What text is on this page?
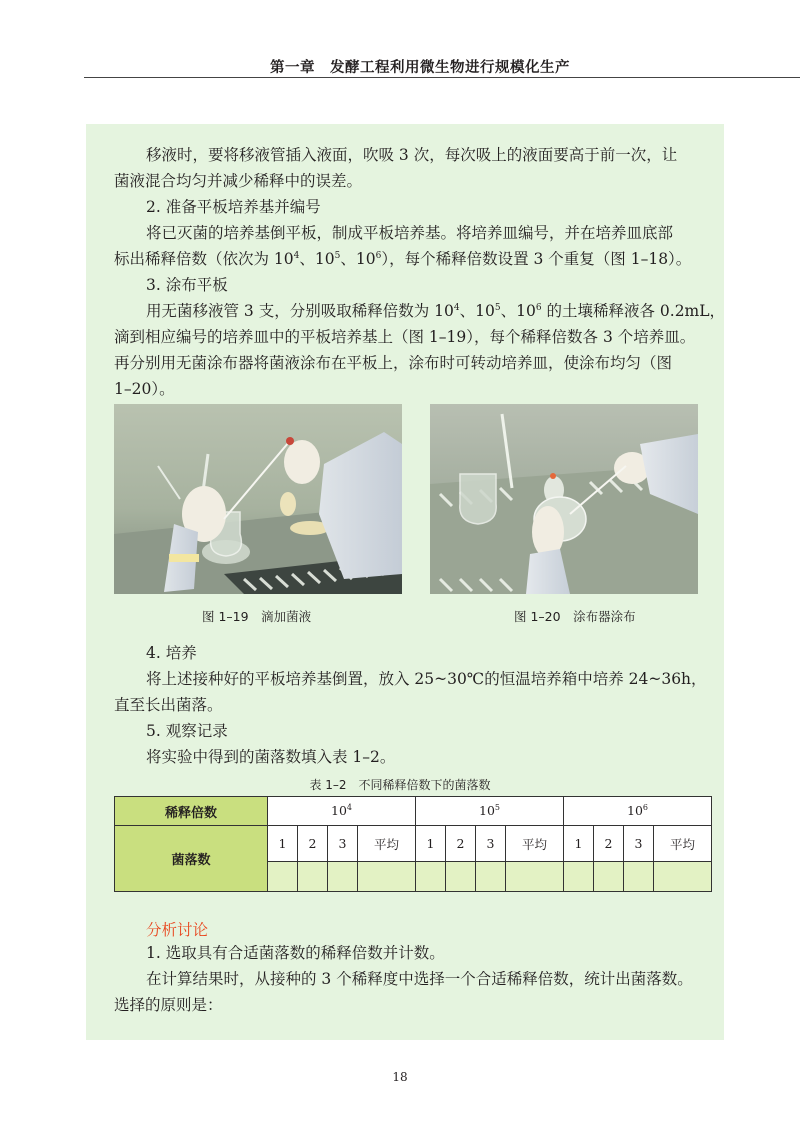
第一章　发酵工程利用微生物进行规模化生产
移液时，要将移液管插入液面，吹吸 3 次，每次吸上的液面要高于前一次，让
菌液混合均匀并减少稀释中的误差。
2. 准备平板培养基并编号
将已灭菌的培养基倒平板，制成平板培养基。将培养皿编号，并在培养皿底部
标出稀释倍数（依次为 $10^4$、$10^5$、$10^6$），每个稀释倍数设置 3 个重复（图 1–18）。
3. 涂布平板
用无菌移液管 3 支，分别吸取稀释倍数为 $10^4$、$10^5$、$10^6$ 的土壤稀释液各 0.2mL，
滴到相应编号的培养皿中的平板培养基上（图 1–19），每个稀释倍数各 3 个培养皿。
再分别用无菌涂布器将菌液涂布在平板上，涂布时可转动培养皿，使涂布均匀（图
1–20）。
图 1–19　滴加菌液	图 1–20　涂布器涂布
4. 培养
将上述接种好的平板培养基倒置，放入 25~30℃的恒温培养箱中培养 24~36h，
直至长出菌落。
5. 观察记录
将实验中得到的菌落数填入表 1–2。
表 1–2　不同稀释倍数下的菌落数
稀释倍数	$10^4$				$10^5$				$10^6$
菌落数	1	2	3	平均	1	2	3	平均	1	2	3	平均

分析讨论
1. 选取具有合适菌落数的稀释倍数并计数。
在计算结果时，从接种的 3 个稀释度中选择一个合适稀释倍数，统计出菌落数。
选择的原则是：
18
